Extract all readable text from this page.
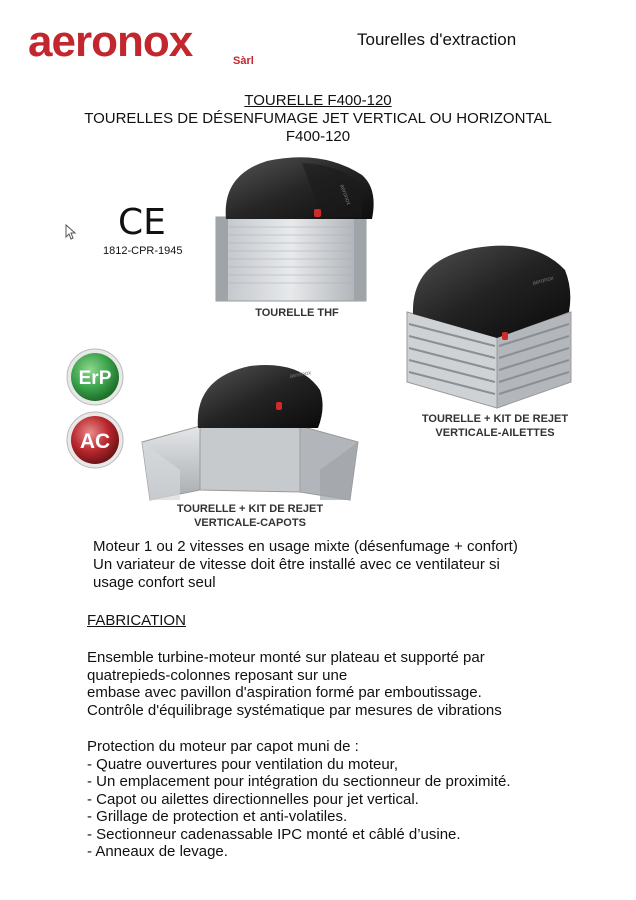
aeronox	Sàrl
Tourelles d'extraction
TOURELLE F400-120
TOURELLES DE DÉSENFUMAGE JET VERTICAL OU HORIZONTAL
F400-120
CE
1812-CPR-1945
ErP
AC
aeronox
TOURELLE THF
aeronox
TOURELLE + KIT DE REJET
VERTICALE-AILETTES
aeronox
TOURELLE + KIT DE REJET
VERTICALE-CAPOTS
Moteur 1 ou 2 vitesses en usage mixte (désenfumage + confort)
Un variateur de vitesse doit être installé avec ce ventilateur si
usage confort seul
FABRICATION
Ensemble turbine-moteur monté sur plateau et supporté par
quatrepieds-colonnes reposant sur une
embase avec pavillon d'aspiration formé par emboutissage.
Contrôle d'équilibrage systématique par mesures de vibrations
Protection du moteur par capot muni de :
- Quatre ouvertures pour ventilation du moteur,
- Un emplacement pour intégration du sectionneur de proximité.
- Capot ou ailettes directionnelles pour jet vertical.
- Grillage de protection et anti-volatiles.
- Sectionneur cadenassable IPC monté et câblé d’usine.
- Anneaux de levage.
